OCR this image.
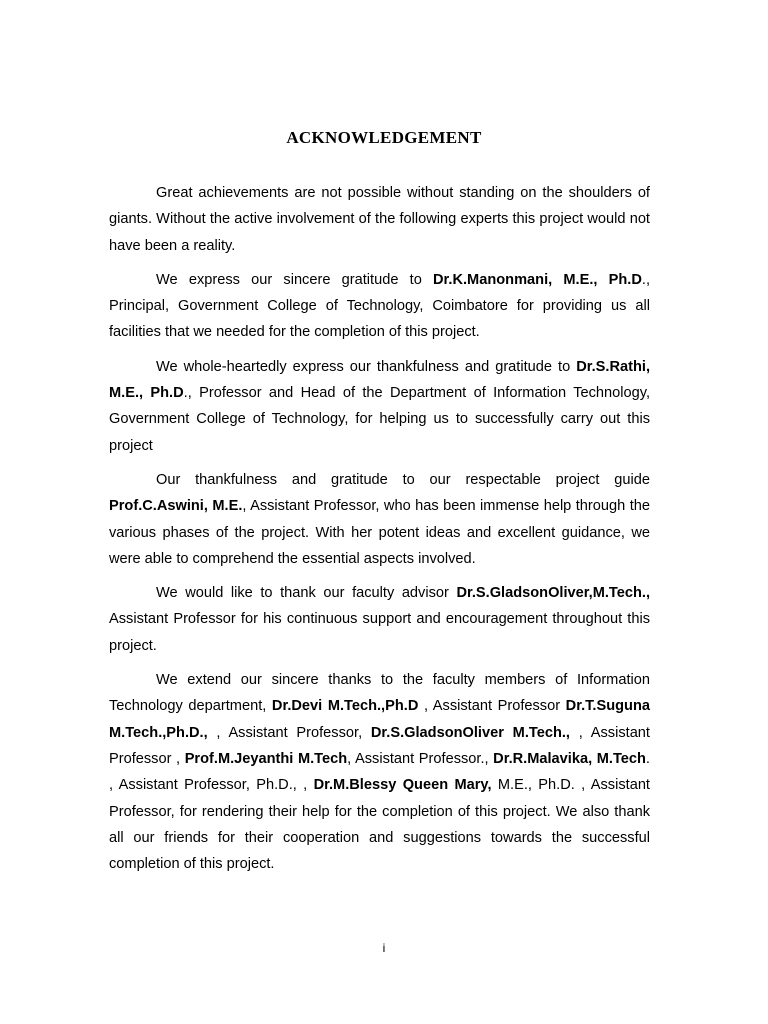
ACKNOWLEDGEMENT

Great achievements are not possible without standing on the shoulders of giants. Without the active involvement of the following experts this project would not have been a reality.

We express our sincere gratitude to Dr.K.Manonmani, M.E., Ph.D., Principal, Government College of Technology, Coimbatore for providing us all facilities that we needed for the completion of this project.

We whole-heartedly express our thankfulness and gratitude to Dr.S.Rathi, M.E., Ph.D., Professor and Head of the Department of Information Technology, Government College of Technology, for helping us to successfully carry out this project

Our thankfulness and gratitude to our respectable project guide Prof.C.Aswini, M.E., Assistant Professor, who has been immense help through the various phases of the project. With her potent ideas and excellent guidance, we were able to comprehend the essential aspects involved.

We would like to thank our faculty advisor Dr.S.GladsonOliver,M.Tech., Assistant Professor for his continuous support and encouragement throughout this project.

We extend our sincere thanks to the faculty members of Information Technology department, Dr.Devi M.Tech.,Ph.D , Assistant Professor Dr.T.Suguna M.Tech.,Ph.D., , Assistant Professor, Dr.S.GladsonOliver M.Tech., , Assistant Professor , Prof.M.Jeyanthi M.Tech, Assistant Professor., Dr.R.Malavika, M.Tech. , Assistant Professor, Ph.D., , Dr.M.Blessy Queen Mary, M.E., Ph.D. , Assistant Professor, for rendering their help for the completion of this project. We also thank all our friends for their cooperation and suggestions towards the successful completion of this project.

i
